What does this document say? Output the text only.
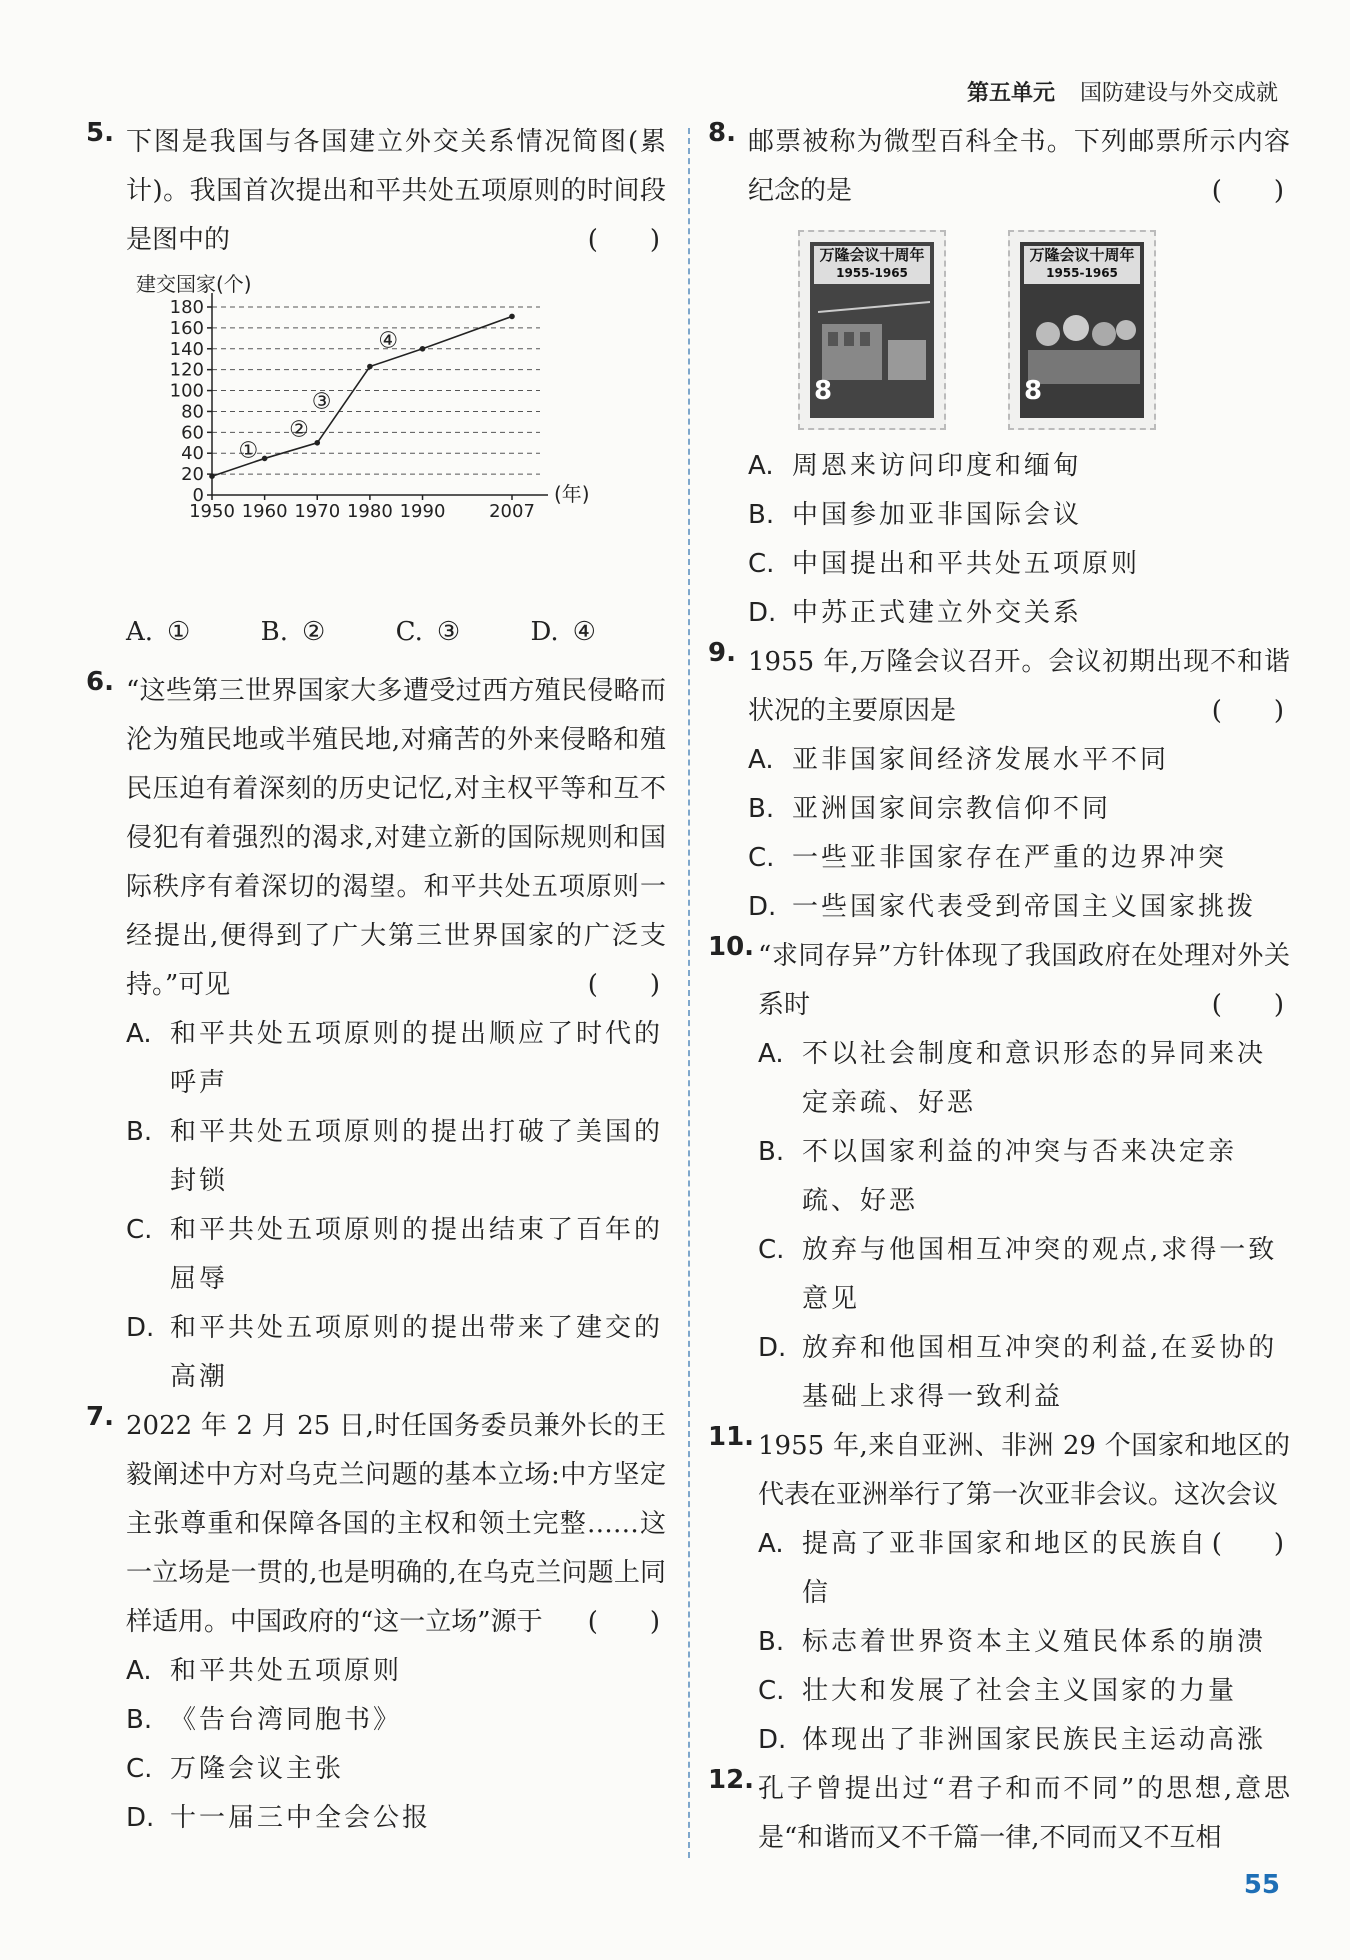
第五单元 国防建设与外交成就
5. 下图是我国与各国建立外交关系情况简图(累计)。我国首次提出和平共处五项原则的时间段是图中的	(　　)
建交国家(个)
0
20
40
60
80
100
120
140
160
180
1950 1960 1970 1980 1990 2007
(年)
①
②
③
④
A. ①	B. ②	C. ③	D. ④
6. “这些第三世界国家大多遭受过西方殖民侵略而沦为殖民地或半殖民地,对痛苦的外来侵略和殖民压迫有着深刻的历史记忆,对主权平等和互不侵犯有着强烈的渴求,对建立新的国际规则和国际秩序有着深切的渴望。和平共处五项原则一经提出,便得到了广大第三世界国家的广泛支持。”可见	(　　)
A. 和平共处五项原则的提出顺应了时代的呼声
B. 和平共处五项原则的提出打破了美国的封锁
C. 和平共处五项原则的提出结束了百年的屈辱
D. 和平共处五项原则的提出带来了建交的高潮
7. 2022 年 2 月 25 日,时任国务委员兼外长的王毅阐述中方对乌克兰问题的基本立场:中方坚定主张尊重和保障各国的主权和领土完整……这一立场是一贯的,也是明确的,在乌克兰问题上同样适用。中国政府的“这一立场”源于 (　　)
A. 和平共处五项原则
B. 《告台湾同胞书》
C. 万隆会议主张
D. 十一届三中全会公报
8. 邮票被称为微型百科全书。下列邮票所示内容纪念的是	(　　)
万隆会议十周年
1955-1965
8
万隆会议十周年
1955-1965
8
A. 周恩来访问印度和缅甸
B. 中国参加亚非国际会议
C. 中国提出和平共处五项原则
D. 中苏正式建立外交关系
9. 1955 年,万隆会议召开。会议初期出现不和谐状况的主要原因是	(　　)
A. 亚非国家间经济发展水平不同
B. 亚洲国家间宗教信仰不同
C. 一些亚非国家存在严重的边界冲突
D. 一些国家代表受到帝国主义国家挑拨
10. “求同存异”方针体现了我国政府在处理对外关系时	(　　)
A. 不以社会制度和意识形态的异同来决定亲疏、好恶
B. 不以国家利益的冲突与否来决定亲疏、好恶
C. 放弃与他国相互冲突的观点,求得一致意见
D. 放弃和他国相互冲突的利益,在妥协的基础上求得一致利益
11. 1955 年,来自亚洲、非洲 29 个国家和地区的代表在亚洲举行了第一次亚非会议。这次会议
(　　)
A. 提高了亚非国家和地区的民族自信
B. 标志着世界资本主义殖民体系的崩溃
C. 壮大和发展了社会主义国家的力量
D. 体现出了非洲国家民族民主运动高涨
12. 孔子曾提出过“君子和而不同”的思想,意思是“和谐而又不千篇一律,不同而又不互相
55
